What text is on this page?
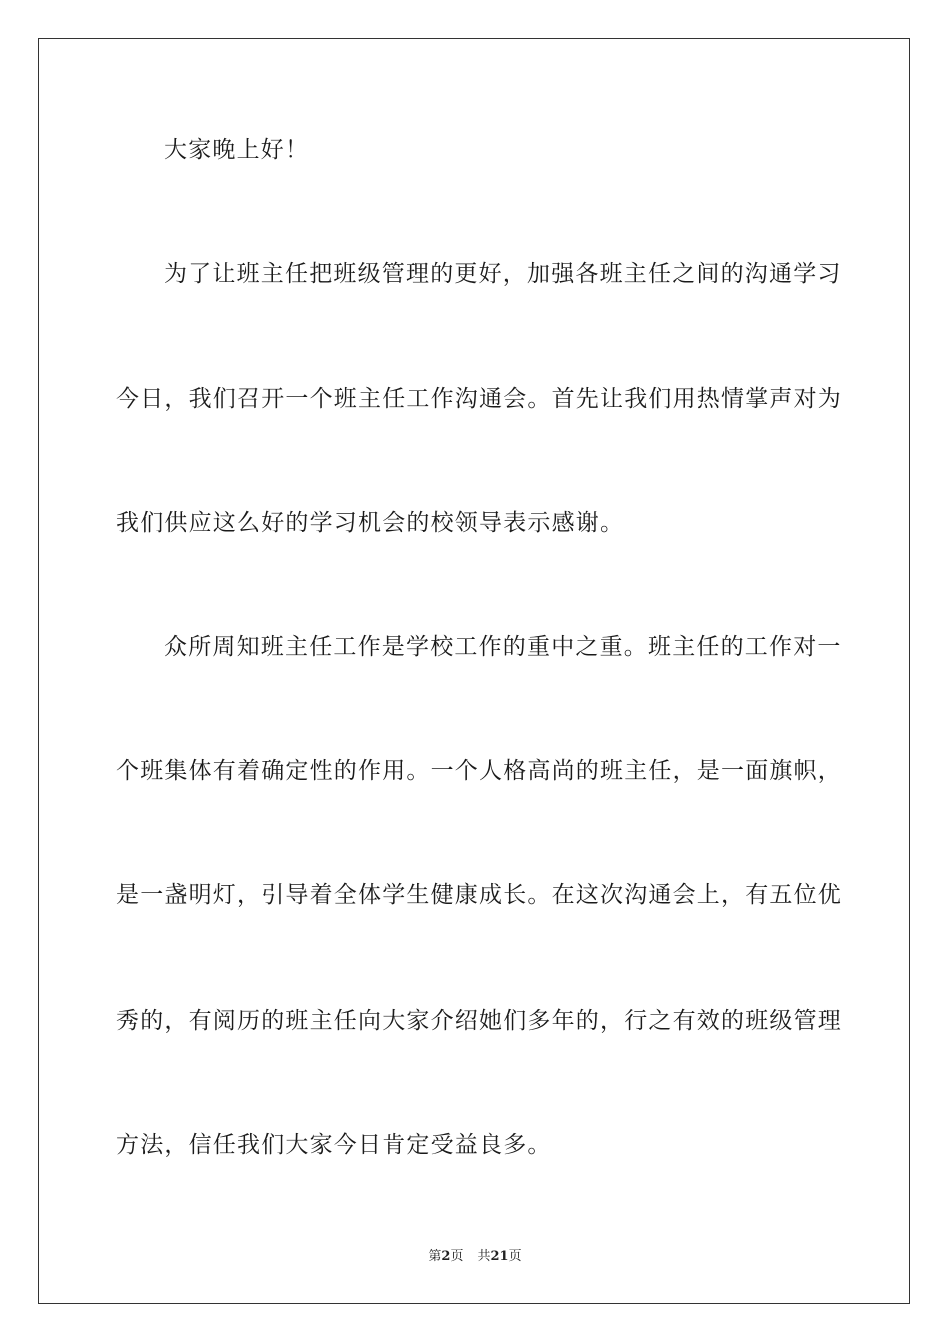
大家晚上好！
为了让班主任把班级管理的更好，加强各班主任之间的沟通学习
今日，我们召开一个班主任工作沟通会。首先让我们用热情掌声对为
我们供应这么好的学习机会的校领导表示感谢。
众所周知班主任工作是学校工作的重中之重。班主任的工作对一
个班集体有着确定性的作用。一个人格高尚的班主任，是一面旗帜，
是一盏明灯，引导着全体学生健康成长。在这次沟通会上，有五位优
秀的，有阅历的班主任向大家介绍她们多年的，行之有效的班级管理
方法，信任我们大家今日肯定受益良多。
第2页 共21页
